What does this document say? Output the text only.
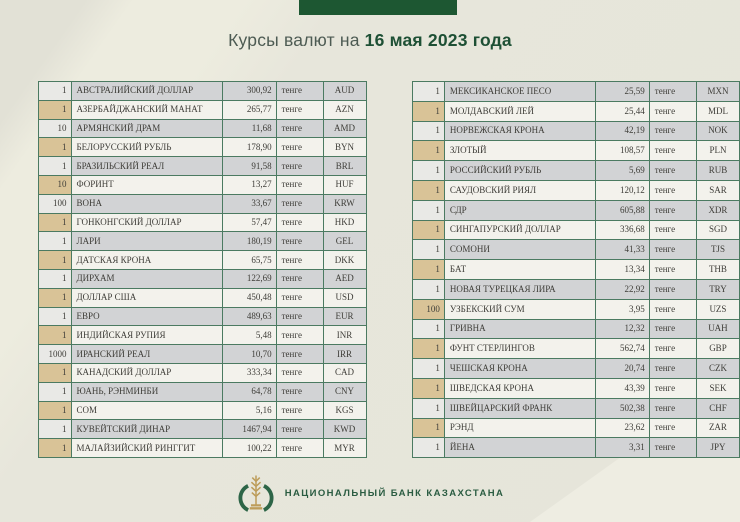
Курсы валют на 16 мая 2023 года
1	АВСТРАЛИЙСКИЙ ДОЛЛАР	300,92	тенге	AUD
1	АЗЕРБАЙДЖАНСКИЙ МАНАТ	265,77	тенге	AZN
10	АРМЯНСКИЙ ДРАМ	11,68	тенге	AMD
1	БЕЛОРУССКИЙ РУБЛЬ	178,90	тенге	BYN
1	БРАЗИЛЬСКИЙ РЕАЛ	91,58	тенге	BRL
10	ФОРИНТ	13,27	тенге	HUF
100	ВОНА	33,67	тенге	KRW
1	ГОНКОНГСКИЙ ДОЛЛАР	57,47	тенге	HKD
1	ЛАРИ	180,19	тенге	GEL
1	ДАТСКАЯ КРОНА	65,75	тенге	DKK
1	ДИРХАМ	122,69	тенге	AED
1	ДОЛЛАР США	450,48	тенге	USD
1	ЕВРО	489,63	тенге	EUR
1	ИНДИЙСКАЯ РУПИЯ	5,48	тенге	INR
1000	ИРАНСКИЙ РЕАЛ	10,70	тенге	IRR
1	КАНАДСКИЙ ДОЛЛАР	333,34	тенге	CAD
1	ЮАНЬ, РЭНМИНБИ	64,78	тенге	CNY
1	СОМ	5,16	тенге	KGS
1	КУВЕЙТСКИЙ ДИНАР	1467,94	тенге	KWD
1	МАЛАЙЗИЙСКИЙ РИНГГИТ	100,22	тенге	MYR
1	МЕКСИКАНСКОЕ ПЕСО	25,59	тенге	MXN
1	МОЛДАВСКИЙ ЛЕЙ	25,44	тенге	MDL
1	НОРВЕЖСКАЯ КРОНА	42,19	тенге	NOK
1	ЗЛОТЫЙ	108,57	тенге	PLN
1	РОССИЙСКИЙ РУБЛЬ	5,69	тенге	RUB
1	САУДОВСКИЙ РИЯЛ	120,12	тенге	SAR
1	СДР	605,88	тенге	XDR
1	СИНГАПУРСКИЙ ДОЛЛАР	336,68	тенге	SGD
1	СОМОНИ	41,33	тенге	TJS
1	БАТ	13,34	тенге	THB
1	НОВАЯ ТУРЕЦКАЯ ЛИРА	22,92	тенге	TRY
100	УЗБЕКСКИЙ СУМ	3,95	тенге	UZS
1	ГРИВНА	12,32	тенге	UAH
1	ФУНТ СТЕРЛИНГОВ	562,74	тенге	GBP
1	ЧЕШСКАЯ КРОНА	20,74	тенге	CZK
1	ШВЕДСКАЯ КРОНА	43,39	тенге	SEK
1	ШВЕЙЦАРСКИЙ ФРАНК	502,38	тенге	CHF
1	РЭНД	23,62	тенге	ZAR
1	ЙЕНА	3,31	тенге	JPY
НАЦИОНАЛЬНЫЙ БАНК КАЗАХСТАНА
